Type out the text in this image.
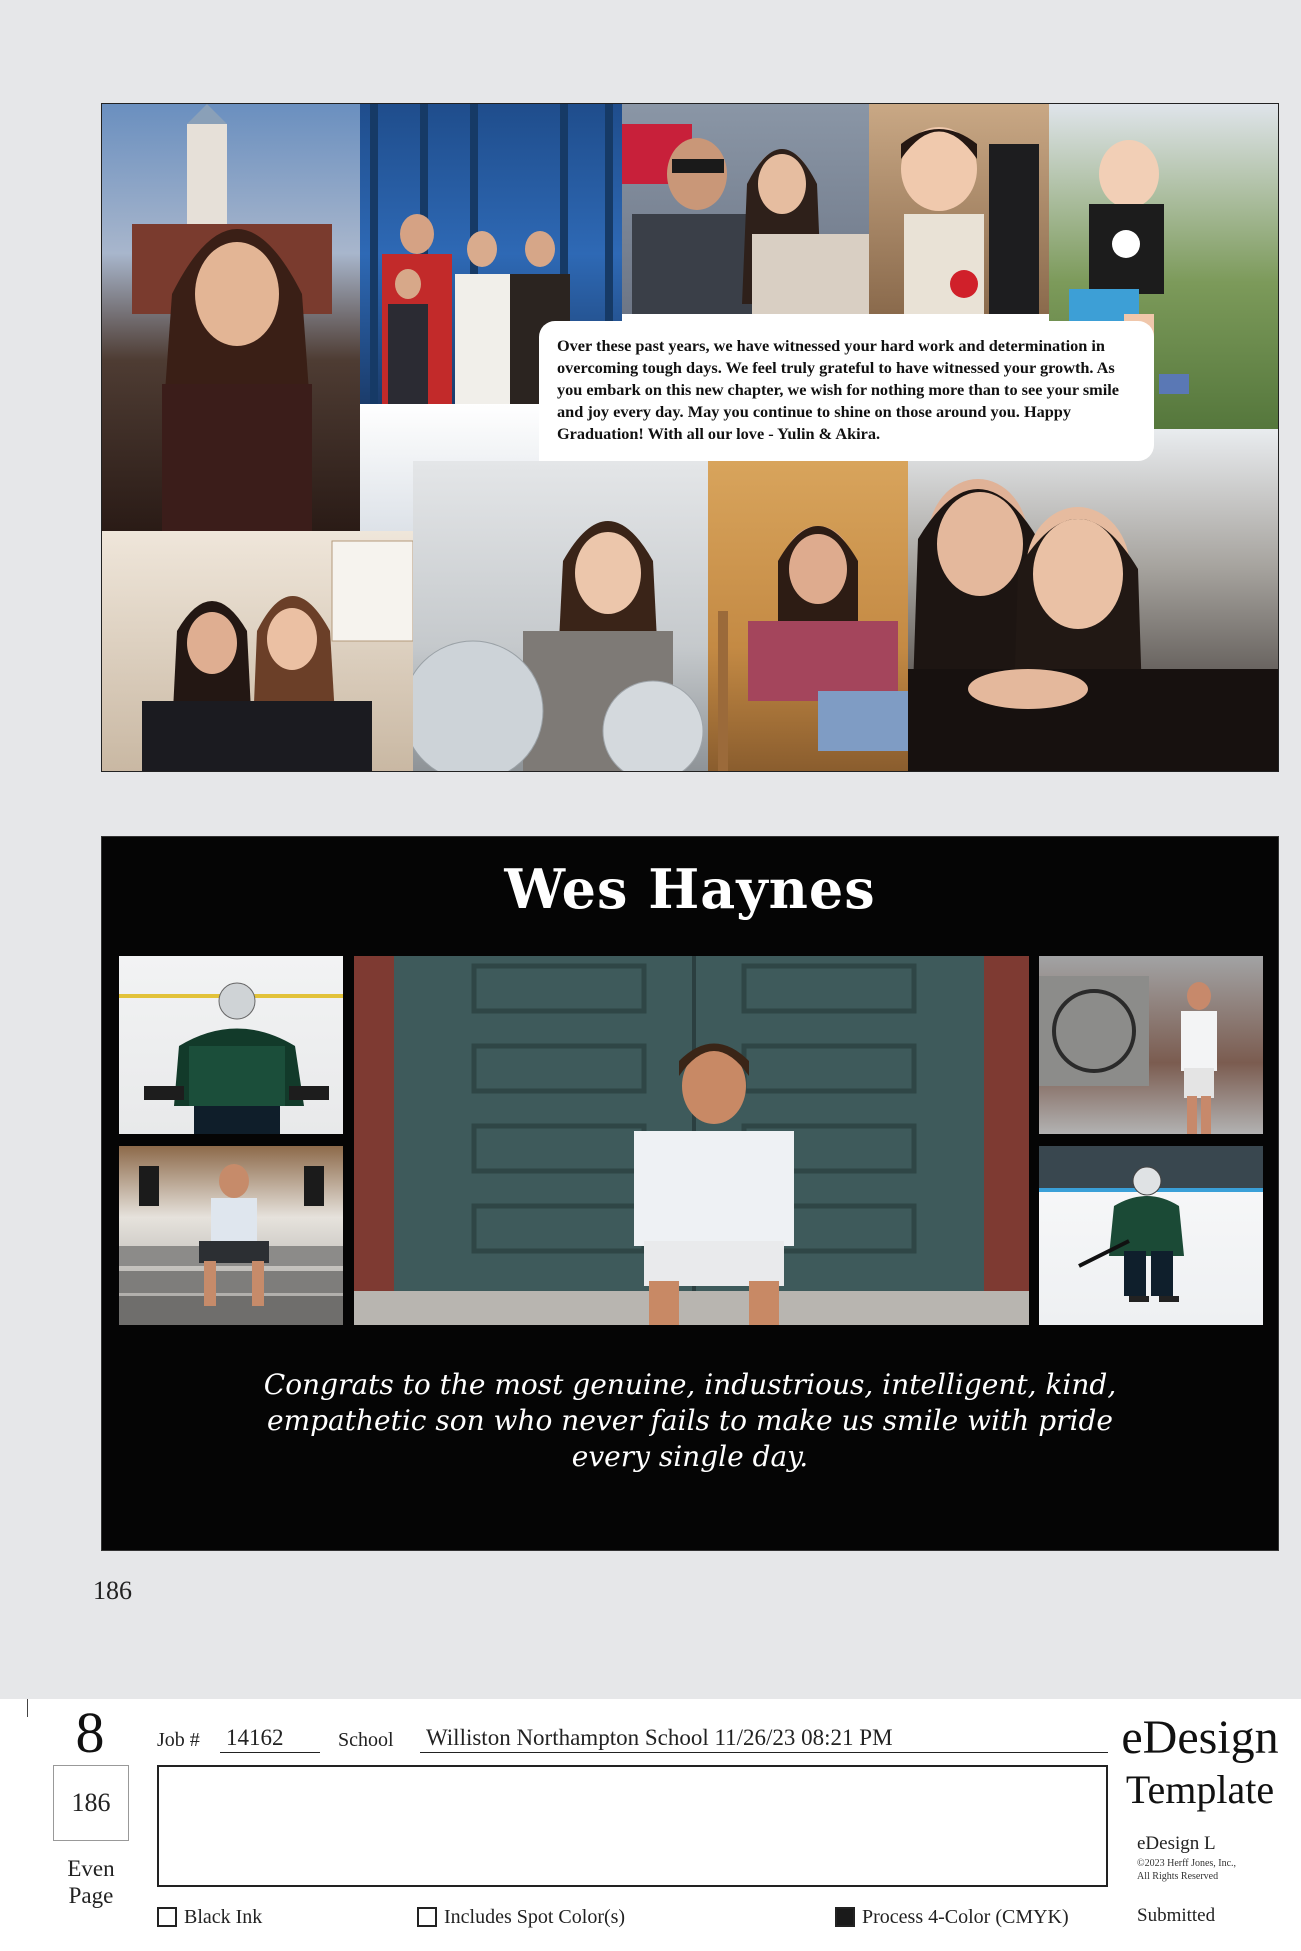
Over these past years, we have witnessed your hard work and determination in overcoming tough days. We feel truly grateful to have witnessed your growth. As you embark on this new chapter, we wish for nothing more than to see your smile and joy every day. May you continue to shine on those around you. Happy Graduation! With all our love - Yulin & Akira.
Wes Haynes
Congrats to the most genuine, industrious, intelligent, kind, empathetic son who never fails to make us smile with pride every single day.
186
8
186
Even
Page
Job # 14162	School Williston Northampton School 11/26/23 08:21 PM	eDesign
Template
eDesign L
©2023 Herff Jones, Inc.,
All Rights Reserved
Black Ink	Includes Spot Color(s)	Process 4-Color (CMYK)	Submitted
